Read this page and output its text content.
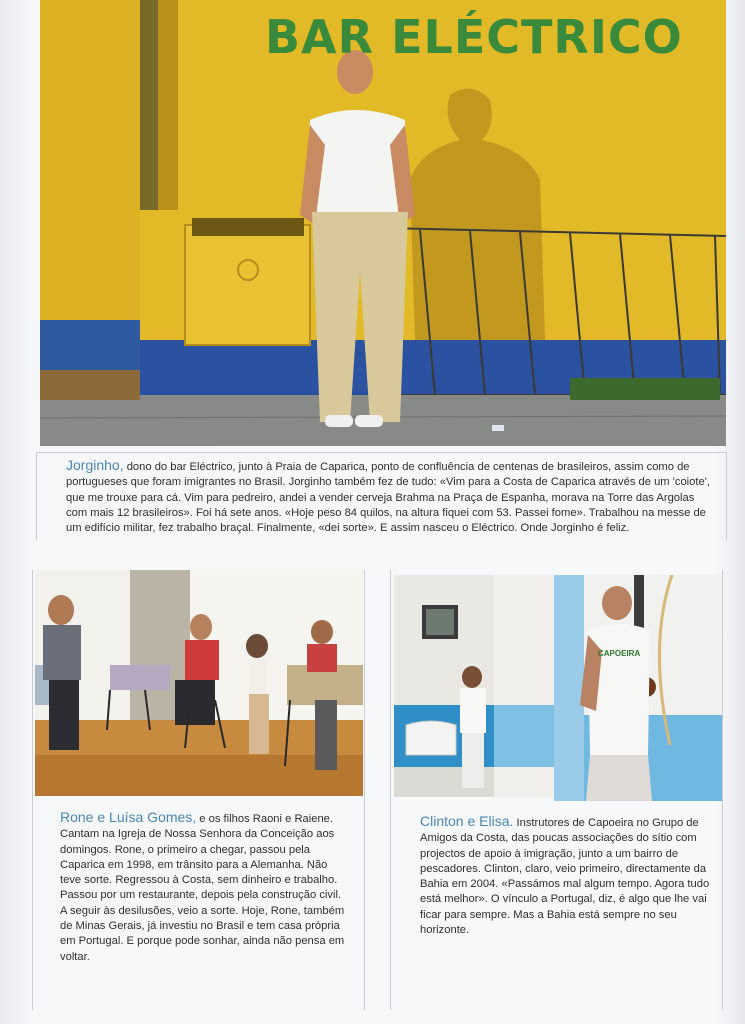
BAR ELÉCTRICO
Jorginho, dono do bar Eléctrico, junto à Praia de Caparica, ponto de confluência de centenas de brasileiros, assim como de portugueses que foram imigrantes no Brasil. Jorginho também fez de tudo: «Vim para a Costa de Caparica através de um 'coiote', que me trouxe para cá. Vim para pedreiro, andei a vender cerveja Brahma na Praça de Espanha, morava na Torre das Argolas com mais 12 brasileiros». Foi há sete anos. «Hoje peso 84 quilos, na altura fiquei com 53. Passei fome». Trabalhou na messe de um edifício militar, fez trabalho braçal. Finalmente, «dei sorte». E assim nasceu o Eléctrico. Onde Jorginho é feliz.
CAPOEIRA
Rone e Luísa Gomes, e os filhos Raoni e Raiene. Cantam na Igreja de Nossa Senhora da Conceição aos domingos. Rone, o primeiro a chegar, passou pela Caparica em 1998, em trânsito para a Alemanha. Não teve sorte. Regressou à Costa, sem dinheiro e trabalho. Passou por um restaurante, depois pela construção civil. A seguir às desilusões, veio a sorte. Hoje, Rone, também de Minas Gerais, já investiu no Brasil e tem casa própria em Portugal. E porque pode sonhar, ainda não pensa em voltar.
Clinton e Elisa. Instrutores de Capoeira no Grupo de Amigos da Costa, das poucas associações do sítio com projectos de apoio à imigração, junto a um bairro de pescadores. Clinton, claro, veio primeiro, directamente da Bahia em 2004. «Passámos mal algum tempo. Agora tudo está melhor». O vínculo a Portugal, diz, é algo que lhe vai ficar para sempre. Mas a Bahia está sempre no seu horizonte.
